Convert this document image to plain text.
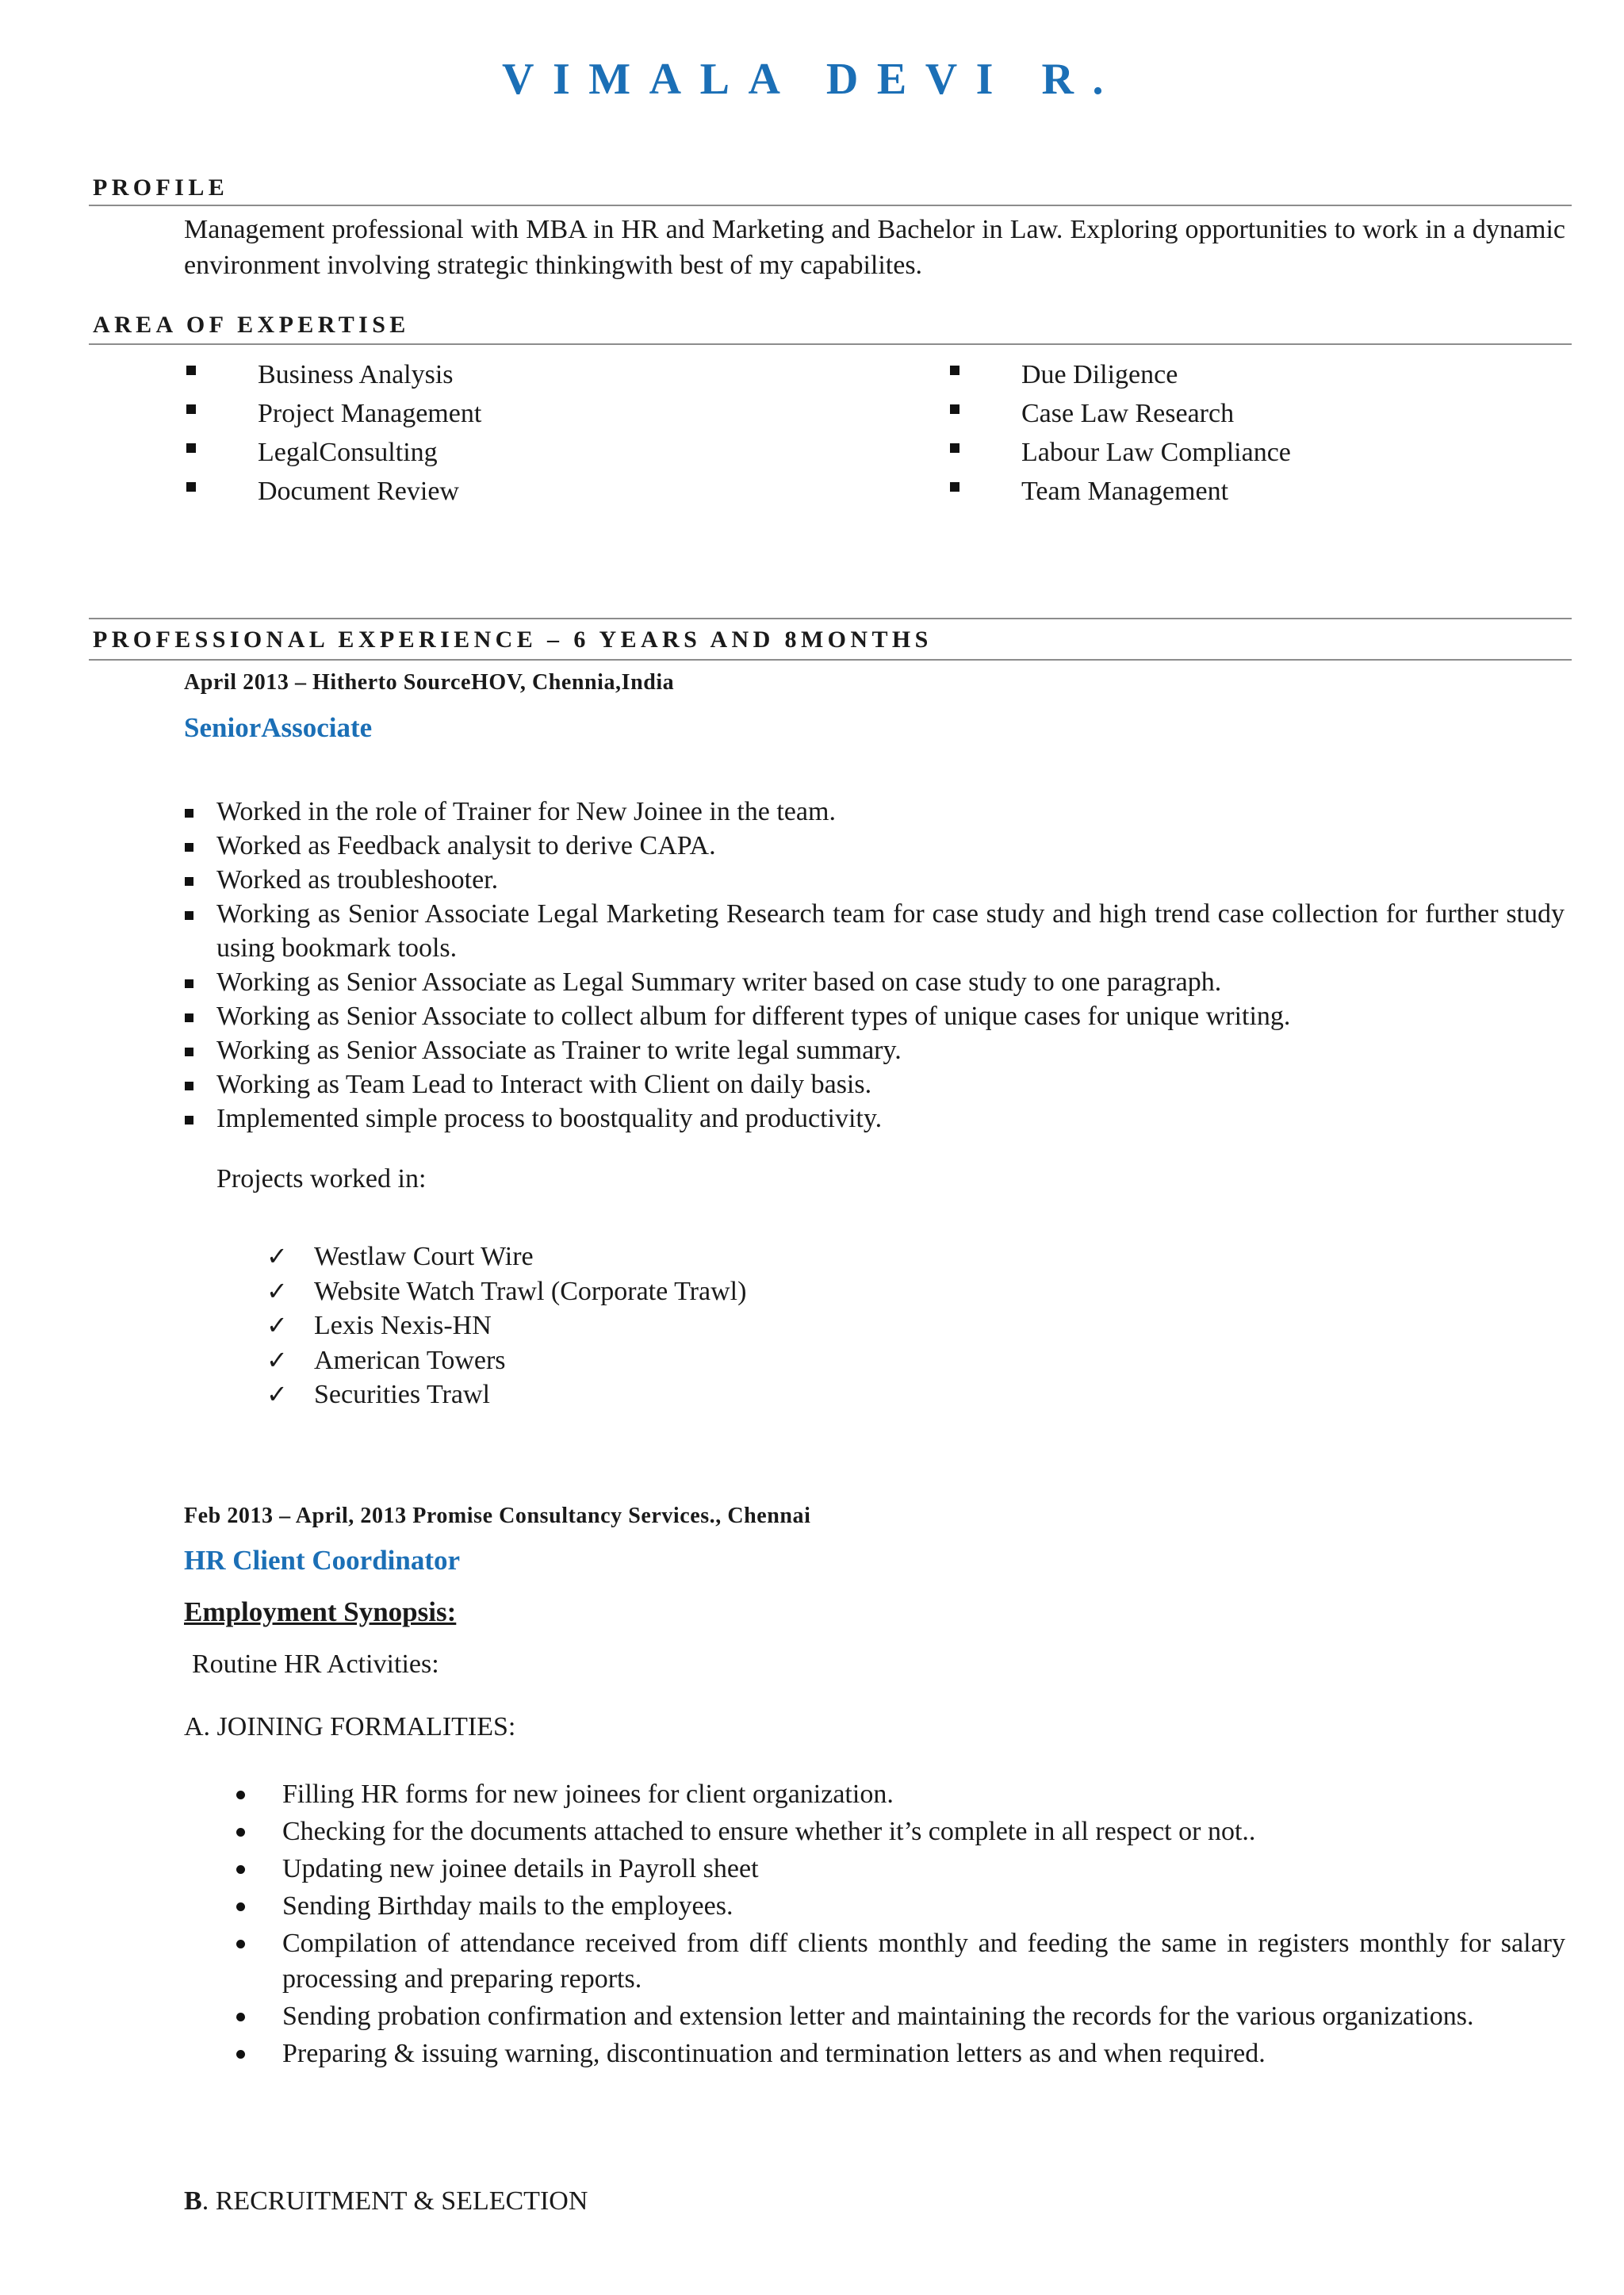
VIMALA DEVI R.
PROFILE

Management professional with MBA in HR and Marketing and Bachelor in Law. Exploring opportunities to work in a dynamic environment involving strategic thinkingwith best of my capabilites.

AREA OF EXPERTISE
Business Analysis
Project Management
LegalConsulting
Document Review
Due Diligence
Case Law Research
Labour Law Compliance
Team Management
PROFESSIONAL EXPERIENCE – 6 YEARS AND 8MONTHS
April 2013 – Hitherto SourceHOV, Chennia,India
SeniorAssociate
Worked in the role of Trainer for New Joinee in the team.
Worked as Feedback analysit to derive CAPA.
Worked as troubleshooter.
Working as Senior Associate Legal Marketing Research team for case study and high trend case collection for further study using bookmark tools.
Working as Senior Associate as Legal Summary writer based on case study to one paragraph.
Working as Senior Associate to collect album for different types of unique cases for unique writing.
Working as Senior Associate as Trainer to write legal summary.
Working as Team Lead to Interact with Client on daily basis.
Implemented simple process to boostquality and productivity.
Projects worked in:
✓ Westlaw Court Wire
✓ Website Watch Trawl (Corporate Trawl)
✓ Lexis Nexis-HN
✓ American Towers
✓ Securities Trawl
Feb 2013 – April, 2013 Promise Consultancy Services., Chennai
HR Client Coordinator
Employment Synopsis:
Routine HR Activities:
A. JOINING FORMALITIES:
Filling HR forms for new joinees for client organization.
Checking for the documents attached to ensure whether it’s complete in all respect or not..
Updating new joinee details in Payroll sheet
Sending Birthday mails to the employees.
Compilation of attendance received from diff clients monthly and feeding the same in registers monthly for salary processing and preparing reports.
Sending probation confirmation and extension letter and maintaining the records for the various organizations.
Preparing & issuing warning, discontinuation and termination letters as and when required.
B. RECRUITMENT & SELECTION
